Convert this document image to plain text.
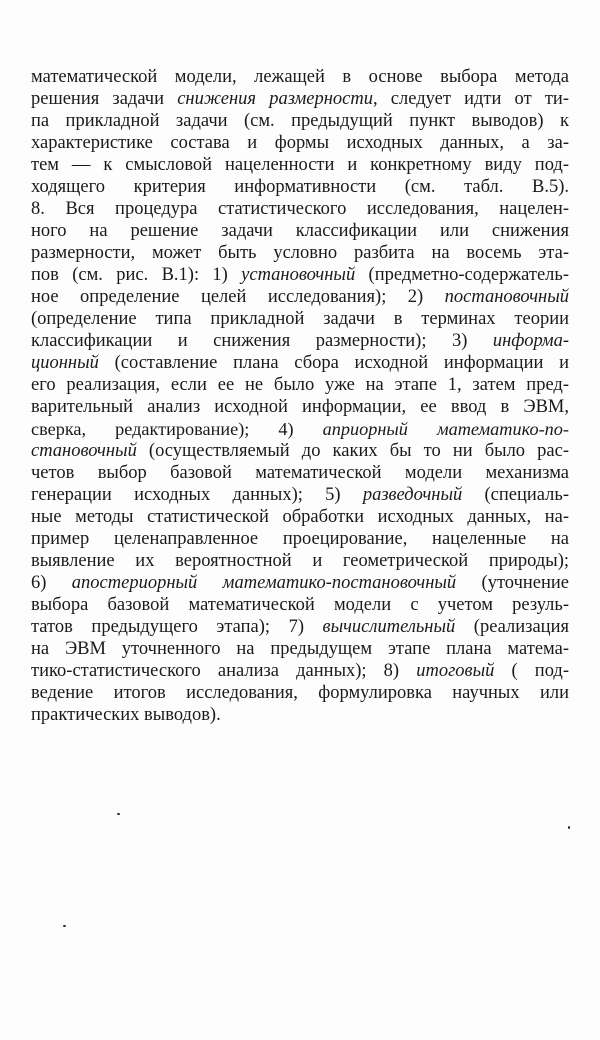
математической модели, лежащей в основе выбора метода
решения задачи снижения размерности, следует идти от ти-
па прикладной задачи (см. предыдущий пункт выводов) к
характеристике состава и формы исходных данных, а за-
тем — к смысловой нацеленности и конкретному виду под-
ходящего критерия информативности (см. табл. В.5).
8. Вся процедура статистического исследования, нацелен-
ного на решение задачи классификации или снижения
размерности, может быть условно разбита на восемь эта-
пов (см. рис. В.1): 1) установочный (предметно-содержатель-
ное определение целей исследования); 2) постановочный
(определение типа прикладной задачи в терминах теории
классификации и снижения размерности); 3) информа-
ционный (составление плана сбора исходной информации и
его реализация, если ее не было уже на этапе 1, затем пред-
варительный анализ исходной информации, ее ввод в ЭВМ,
сверка, редактирование); 4) априорный математико-по-
становочный (осуществляемый до каких бы то ни было рас-
четов выбор базовой математической модели механизма
генерации исходных данных); 5) разведочный (специаль-
ные методы статистической обработки исходных данных, на-
пример целенаправленное проецирование, нацеленные на
выявление их вероятностной и геометрической природы);
6) апостериорный математико-постановочный (уточнение
выбора базовой математической модели с учетом резуль-
татов предыдущего этапа); 7) вычислительный (реализация
на ЭВМ уточненного на предыдущем этапе плана матема-
тико-статистического анализа данных); 8) итоговый ( под-
ведение итогов исследования, формулировка научных или
практических выводов).
